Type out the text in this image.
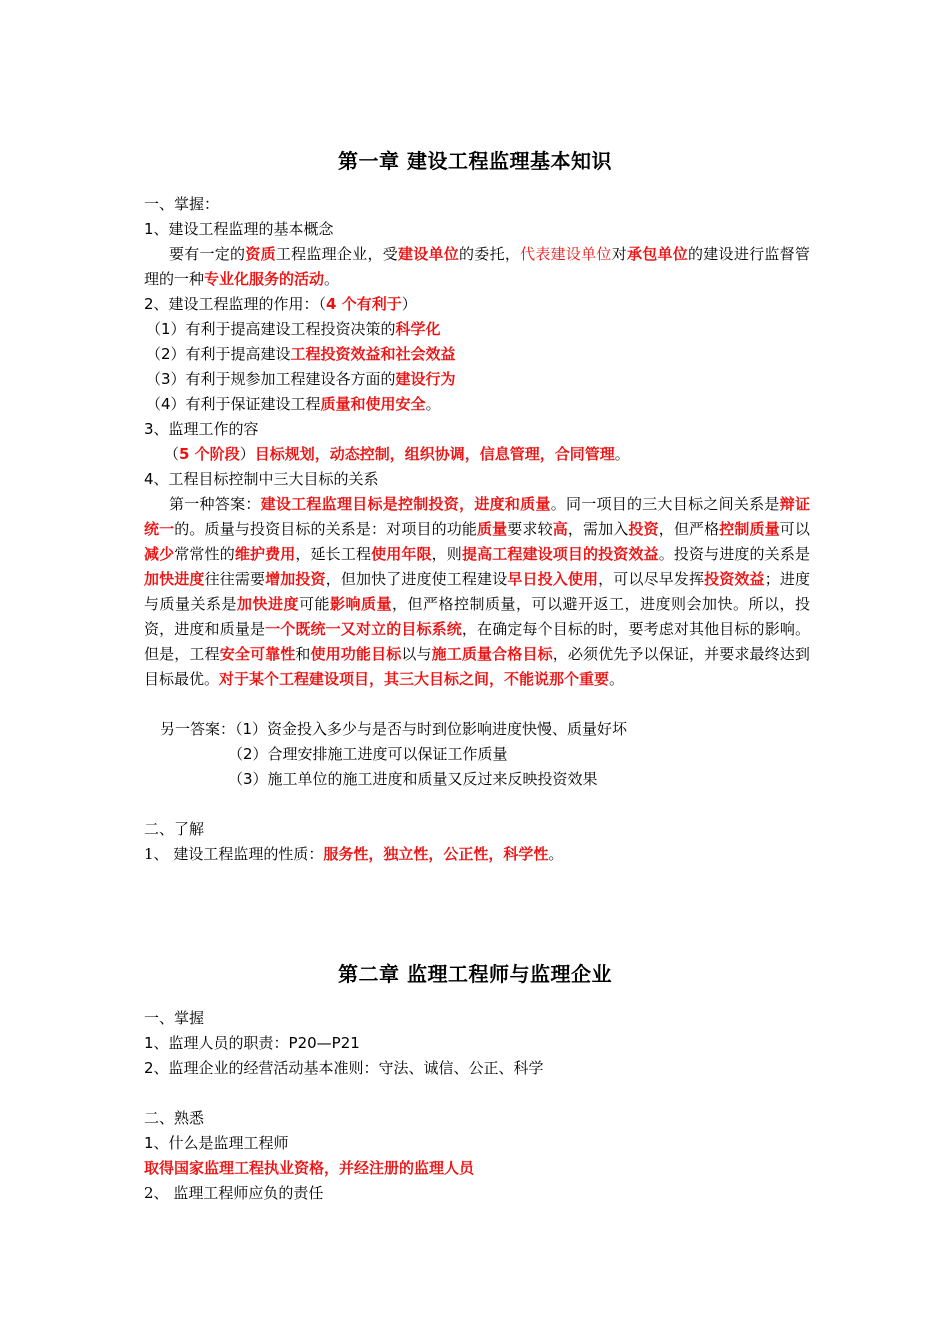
第一章 建设工程监理基本知识
一、掌握：
1、建设工程监理的基本概念
要有一定的资质工程监理企业，受建设单位的委托，代表建设单位对承包单位的建设进行监督管理的一种专业化服务的活动。
2、建设工程监理的作用：（4 个有利于）
（1）有利于提高建设工程投资决策的科学化
（2）有利于提高建设工程投资效益和社会效益
（3）有利于规参加工程建设各方面的建设行为
（4）有利于保证建设工程质量和使用安全。
3、监理工作的容
（5 个阶段）目标规划，动态控制，组织协调，信息管理，合同管理。
4、工程目标控制中三大目标的关系
第一种答案：建设工程监理目标是控制投资，进度和质量。同一项目的三大目标之间关系是辩证统一的。质量与投资目标的关系是：对项目的功能质量要求较高，需加入投资，但严格控制质量可以减少常常性的维护费用，延长工程使用年限，则提高工程建设项目的投资效益。投资与进度的关系是加快进度往往需要增加投资，但加快了进度使工程建设早日投入使用，可以尽早发挥投资效益；进度与质量关系是加快进度可能影响质量，但严格控制质量，可以避开返工，进度则会加快。所以，投资，进度和质量是一个既统一又对立的目标系统，在确定每个目标的时，要考虑对其他目标的影响。但是，工程安全可靠性和使用功能目标以与施工质量合格目标，必须优先予以保证，并要求最终达到目标最优。对于某个工程建设项目，其三大目标之间，不能说那个重要。
另一答案：（1）资金投入多少与是否与时到位影响进度快慢、质量好坏
（2）合理安排施工进度可以保证工作质量
（3）施工单位的施工进度和质量又反过来反映投资效果
二、了解
1、 建设工程监理的性质：服务性，独立性，公正性，科学性。
第二章 监理工程师与监理企业
一、掌握
1、监理人员的职责：P20—P21
2、监理企业的经营活动基本准则：守法、诚信、公正、科学
二、熟悉
1、什么是监理工程师
取得国家监理工程执业资格，并经注册的监理人员
2、 监理工程师应负的责任
